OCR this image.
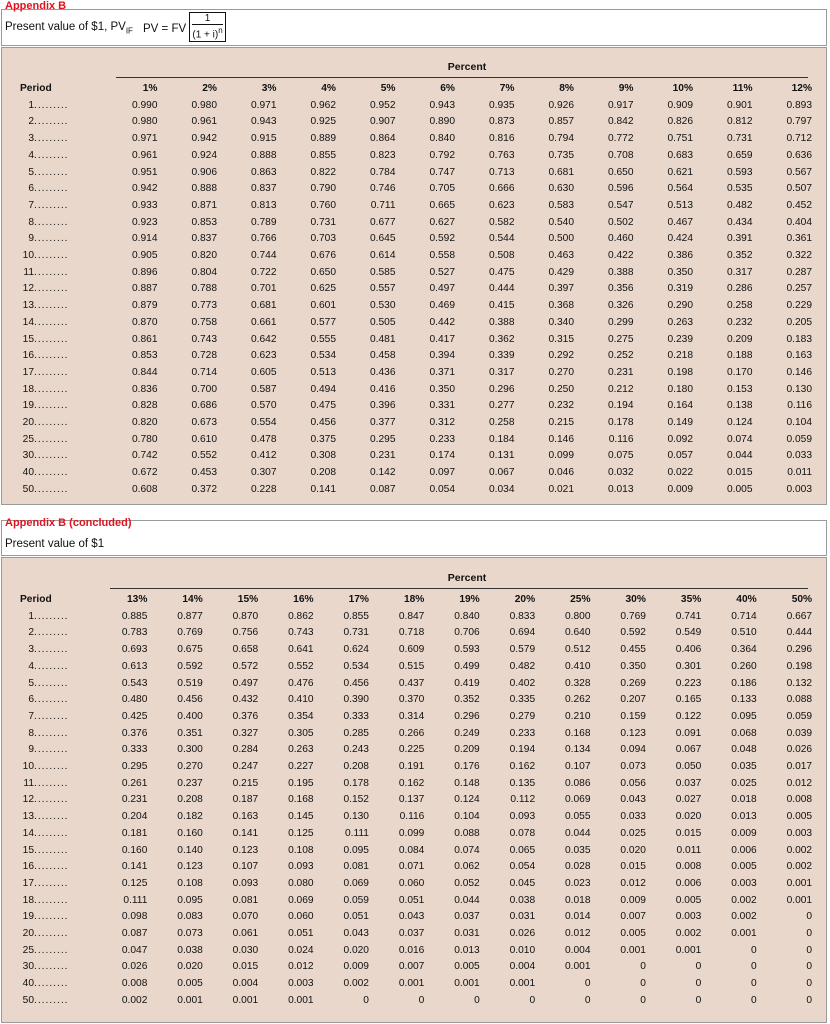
Appendix B
Present value of $1, $PV_{IF}$ PV = FV $\frac{1}{(1 + i)^n}$
Percent
Period	1%	2%	3%	4%	5%	6%	7%	8%	9%	10%	11%	12%
1.........	0.990	0.980	0.971	0.962	0.952	0.943	0.935	0.926	0.917	0.909	0.901	0.893
2.........	0.980	0.961	0.943	0.925	0.907	0.890	0.873	0.857	0.842	0.826	0.812	0.797
3.........	0.971	0.942	0.915	0.889	0.864	0.840	0.816	0.794	0.772	0.751	0.731	0.712
4.........	0.961	0.924	0.888	0.855	0.823	0.792	0.763	0.735	0.708	0.683	0.659	0.636
5.........	0.951	0.906	0.863	0.822	0.784	0.747	0.713	0.681	0.650	0.621	0.593	0.567
6.........	0.942	0.888	0.837	0.790	0.746	0.705	0.666	0.630	0.596	0.564	0.535	0.507
7.........	0.933	0.871	0.813	0.760	0.711	0.665	0.623	0.583	0.547	0.513	0.482	0.452
8.........	0.923	0.853	0.789	0.731	0.677	0.627	0.582	0.540	0.502	0.467	0.434	0.404
9.........	0.914	0.837	0.766	0.703	0.645	0.592	0.544	0.500	0.460	0.424	0.391	0.361
10.........	0.905	0.820	0.744	0.676	0.614	0.558	0.508	0.463	0.422	0.386	0.352	0.322
11.........	0.896	0.804	0.722	0.650	0.585	0.527	0.475	0.429	0.388	0.350	0.317	0.287
12.........	0.887	0.788	0.701	0.625	0.557	0.497	0.444	0.397	0.356	0.319	0.286	0.257
13.........	0.879	0.773	0.681	0.601	0.530	0.469	0.415	0.368	0.326	0.290	0.258	0.229
14.........	0.870	0.758	0.661	0.577	0.505	0.442	0.388	0.340	0.299	0.263	0.232	0.205
15.........	0.861	0.743	0.642	0.555	0.481	0.417	0.362	0.315	0.275	0.239	0.209	0.183
16.........	0.853	0.728	0.623	0.534	0.458	0.394	0.339	0.292	0.252	0.218	0.188	0.163
17.........	0.844	0.714	0.605	0.513	0.436	0.371	0.317	0.270	0.231	0.198	0.170	0.146
18.........	0.836	0.700	0.587	0.494	0.416	0.350	0.296	0.250	0.212	0.180	0.153	0.130
19.........	0.828	0.686	0.570	0.475	0.396	0.331	0.277	0.232	0.194	0.164	0.138	0.116
20.........	0.820	0.673	0.554	0.456	0.377	0.312	0.258	0.215	0.178	0.149	0.124	0.104
25.........	0.780	0.610	0.478	0.375	0.295	0.233	0.184	0.146	0.116	0.092	0.074	0.059
30.........	0.742	0.552	0.412	0.308	0.231	0.174	0.131	0.099	0.075	0.057	0.044	0.033
40.........	0.672	0.453	0.307	0.208	0.142	0.097	0.067	0.046	0.032	0.022	0.015	0.011
50.........	0.608	0.372	0.228	0.141	0.087	0.054	0.034	0.021	0.013	0.009	0.005	0.003
Appendix B (concluded)
Present value of $1
Percent
Period	13%	14%	15%	16%	17%	18%	19%	20%	25%	30%	35%	40%	50%
1.........	0.885	0.877	0.870	0.862	0.855	0.847	0.840	0.833	0.800	0.769	0.741	0.714	0.667
2.........	0.783	0.769	0.756	0.743	0.731	0.718	0.706	0.694	0.640	0.592	0.549	0.510	0.444
3.........	0.693	0.675	0.658	0.641	0.624	0.609	0.593	0.579	0.512	0.455	0.406	0.364	0.296
4.........	0.613	0.592	0.572	0.552	0.534	0.515	0.499	0.482	0.410	0.350	0.301	0.260	0.198
5.........	0.543	0.519	0.497	0.476	0.456	0.437	0.419	0.402	0.328	0.269	0.223	0.186	0.132
6.........	0.480	0.456	0.432	0.410	0.390	0.370	0.352	0.335	0.262	0.207	0.165	0.133	0.088
7.........	0.425	0.400	0.376	0.354	0.333	0.314	0.296	0.279	0.210	0.159	0.122	0.095	0.059
8.........	0.376	0.351	0.327	0.305	0.285	0.266	0.249	0.233	0.168	0.123	0.091	0.068	0.039
9.........	0.333	0.300	0.284	0.263	0.243	0.225	0.209	0.194	0.134	0.094	0.067	0.048	0.026
10.........	0.295	0.270	0.247	0.227	0.208	0.191	0.176	0.162	0.107	0.073	0.050	0.035	0.017
11.........	0.261	0.237	0.215	0.195	0.178	0.162	0.148	0.135	0.086	0.056	0.037	0.025	0.012
12.........	0.231	0.208	0.187	0.168	0.152	0.137	0.124	0.112	0.069	0.043	0.027	0.018	0.008
13.........	0.204	0.182	0.163	0.145	0.130	0.116	0.104	0.093	0.055	0.033	0.020	0.013	0.005
14.........	0.181	0.160	0.141	0.125	0.111	0.099	0.088	0.078	0.044	0.025	0.015	0.009	0.003
15.........	0.160	0.140	0.123	0.108	0.095	0.084	0.074	0.065	0.035	0.020	0.011	0.006	0.002
16.........	0.141	0.123	0.107	0.093	0.081	0.071	0.062	0.054	0.028	0.015	0.008	0.005	0.002
17.........	0.125	0.108	0.093	0.080	0.069	0.060	0.052	0.045	0.023	0.012	0.006	0.003	0.001
18.........	0.111	0.095	0.081	0.069	0.059	0.051	0.044	0.038	0.018	0.009	0.005	0.002	0.001
19.........	0.098	0.083	0.070	0.060	0.051	0.043	0.037	0.031	0.014	0.007	0.003	0.002	0
20.........	0.087	0.073	0.061	0.051	0.043	0.037	0.031	0.026	0.012	0.005	0.002	0.001	0
25.........	0.047	0.038	0.030	0.024	0.020	0.016	0.013	0.010	0.004	0.001	0.001	0	0
30.........	0.026	0.020	0.015	0.012	0.009	0.007	0.005	0.004	0.001	0	0	0	0
40.........	0.008	0.005	0.004	0.003	0.002	0.001	0.001	0.001	0	0	0	0	0
50.........	0.002	0.001	0.001	0.001	0	0	0	0	0	0	0	0	0
